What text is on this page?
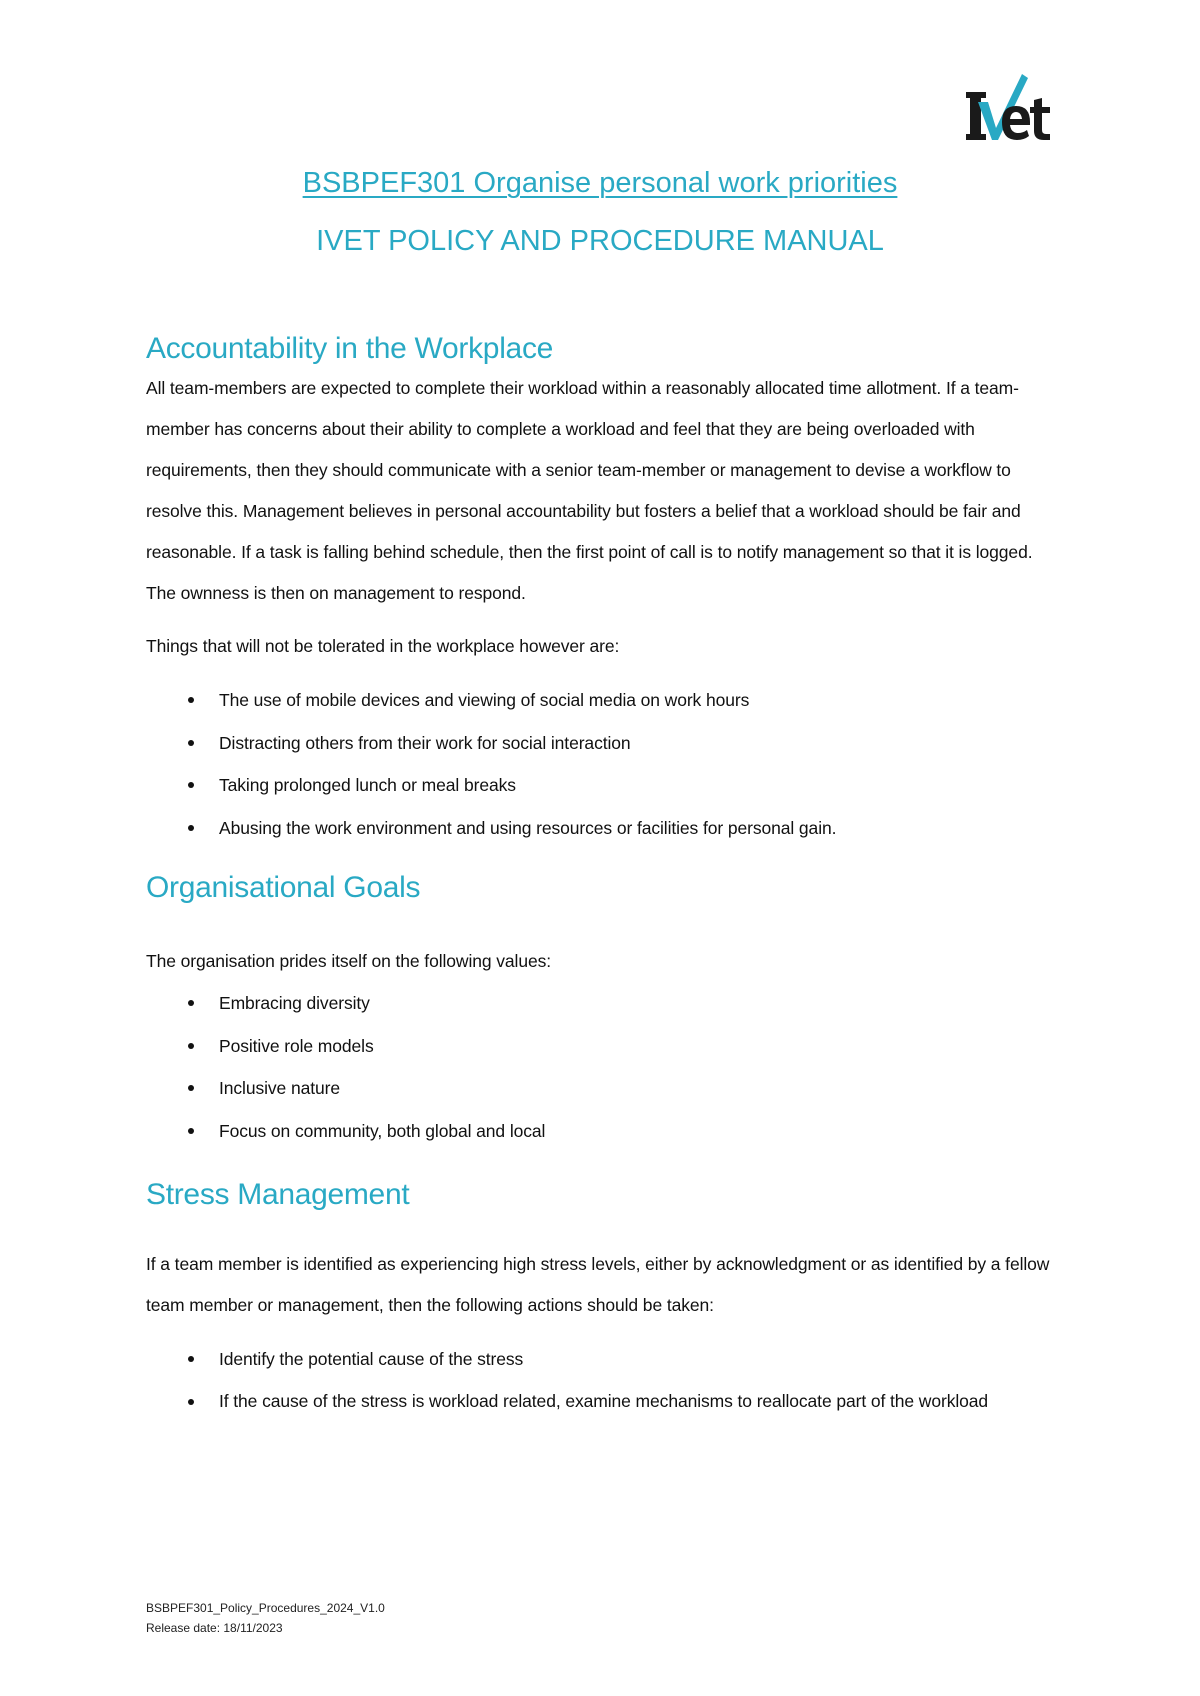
BSBPEF301 Organise personal work priorities
IVET POLICY AND PROCEDURE MANUAL
Accountability in the Workplace

All team-members are expected to complete their workload within a reasonably allocated time allotment. If a team-member has concerns about their ability to complete a workload and feel that they are being overloaded with requirements, then they should communicate with a senior team-member or management to devise a workflow to resolve this. Management believes in personal accountability but fosters a belief that a workload should be fair and reasonable. If a task is falling behind schedule, then the first point of call is to notify management so that it is logged. The ownness is then on management to respond.

Things that will not be tolerated in the workplace however are:

The use of mobile devices and viewing of social media on work hours
Distracting others from their work for social interaction
Taking prolonged lunch or meal breaks
Abusing the work environment and using resources or facilities for personal gain.
Organisational Goals

The organisation prides itself on the following values:

Embracing diversity
Positive role models
Inclusive nature
Focus on community, both global and local
Stress Management

If a team member is identified as experiencing high stress levels, either by acknowledgment or as identified by a fellow team member or management, then the following actions should be taken:

Identify the potential cause of the stress
If the cause of the stress is workload related, examine mechanisms to reallocate part of the workload
BSBPEF301_Policy_Procedures_2024_V1.0
Release date: 18/11/2023
